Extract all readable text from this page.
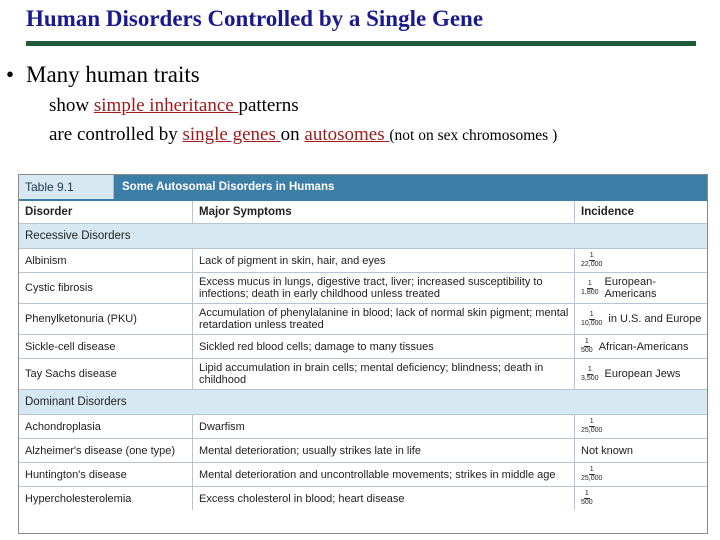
Human Disorders Controlled by a Single Gene
• Many human traits
show simple inheritance patterns
are controlled by single genes on autosomes (not on sex chromosomes )
Table 9.1	Some Autosomal Disorders in Humans
Disorder	Major Symptoms	Incidence
Recessive Disorders
Albinism	Lack of pigment in skin, hair, and eyes	$\frac{1}{22,000}$
Cystic fibrosis	Excess mucus in lungs, digestive tract, liver; increased susceptibility to infections; death in early childhood unless treated	$\frac{1}{1,800}$ European-Americans
Phenylketonuria (PKU)	Accumulation of phenylalanine in blood; lack of normal skin pigment; mental retardation unless treated	$\frac{1}{10,000}$ in U.S. and Europe
Sickle-cell disease	Sickled red blood cells; damage to many tissues	$\frac{1}{500}$ African-Americans
Tay Sachs disease	Lipid accumulation in brain cells; mental deficiency; blindness; death in childhood	$\frac{1}{3,500}$ European Jews
Dominant Disorders
Achondroplasia	Dwarfism	$\frac{1}{25,000}$
Alzheimer's disease (one type)	Mental deterioration; usually strikes late in life	Not known
Huntington's disease	Mental deterioration and uncontrollable movements; strikes in middle age	$\frac{1}{25,000}$
Hypercholesterolemia	Excess cholesterol in blood; heart disease	$\frac{1}{500}$
